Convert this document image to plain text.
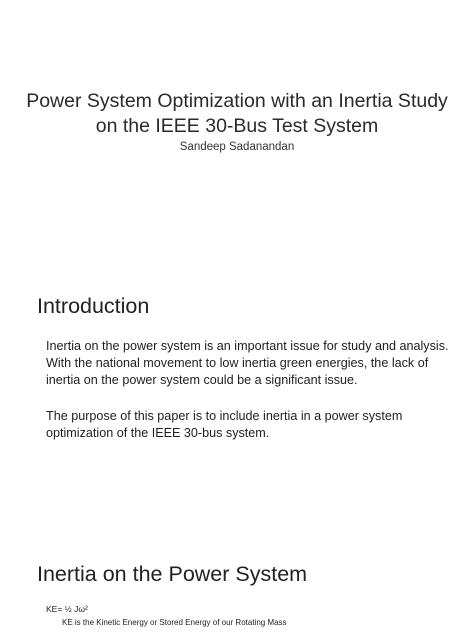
Power System Optimization with an Inertia Study on the IEEE 30-Bus Test System
Sandeep Sadanandan
Introduction
Inertia on the power system is an important issue for study and analysis. With the national movement to low inertia green energies, the lack of inertia on the power system could be a significant issue.
The purpose of this paper is to include inertia in a power system optimization of the IEEE 30-bus system.
Inertia on the Power System
KE= ½ Jω²
KE is the Kinetic Energy or Stored Energy of our Rotating Mass
